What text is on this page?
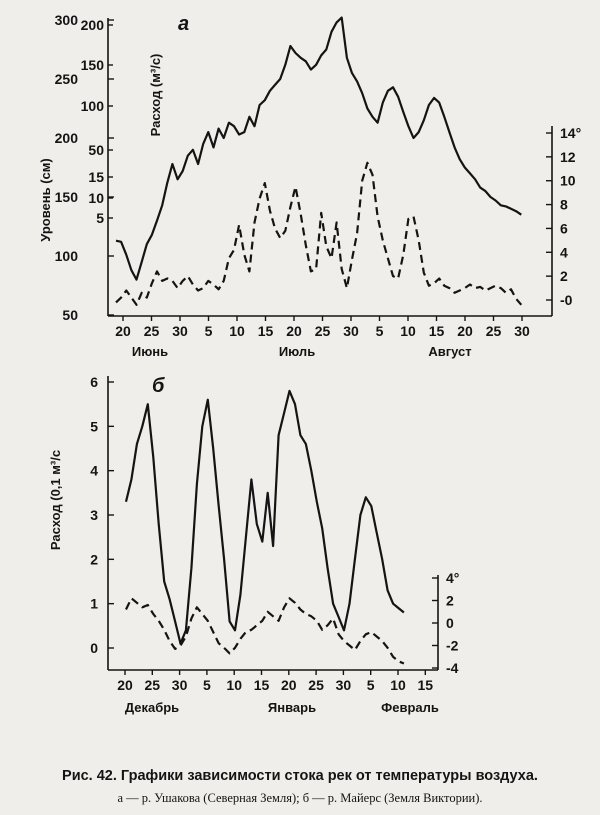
50
100
150
200
250
300
5
10
15
50
100
150
200
-0
2
4
6
8
10
12
14°
Уровень (см)
Расход (м³/с)
а
20 25 30 5 10 15 20 25 30 5 10 15 20 25 30
Июнь	Июль	Август
0
1
2
3
4
5
6
-4
-2
0
2
4°
Расход (0,1 м³/с
б
20 25 30 5 10 15 20 25 30 5 10 15
Декабрь	Январь	Февраль
Рис. 42. Графики зависимости стока рек от температуры воздуха.
а — р. Ушакова (Северная Земля); б — р. Майерс (Земля Виктории).
